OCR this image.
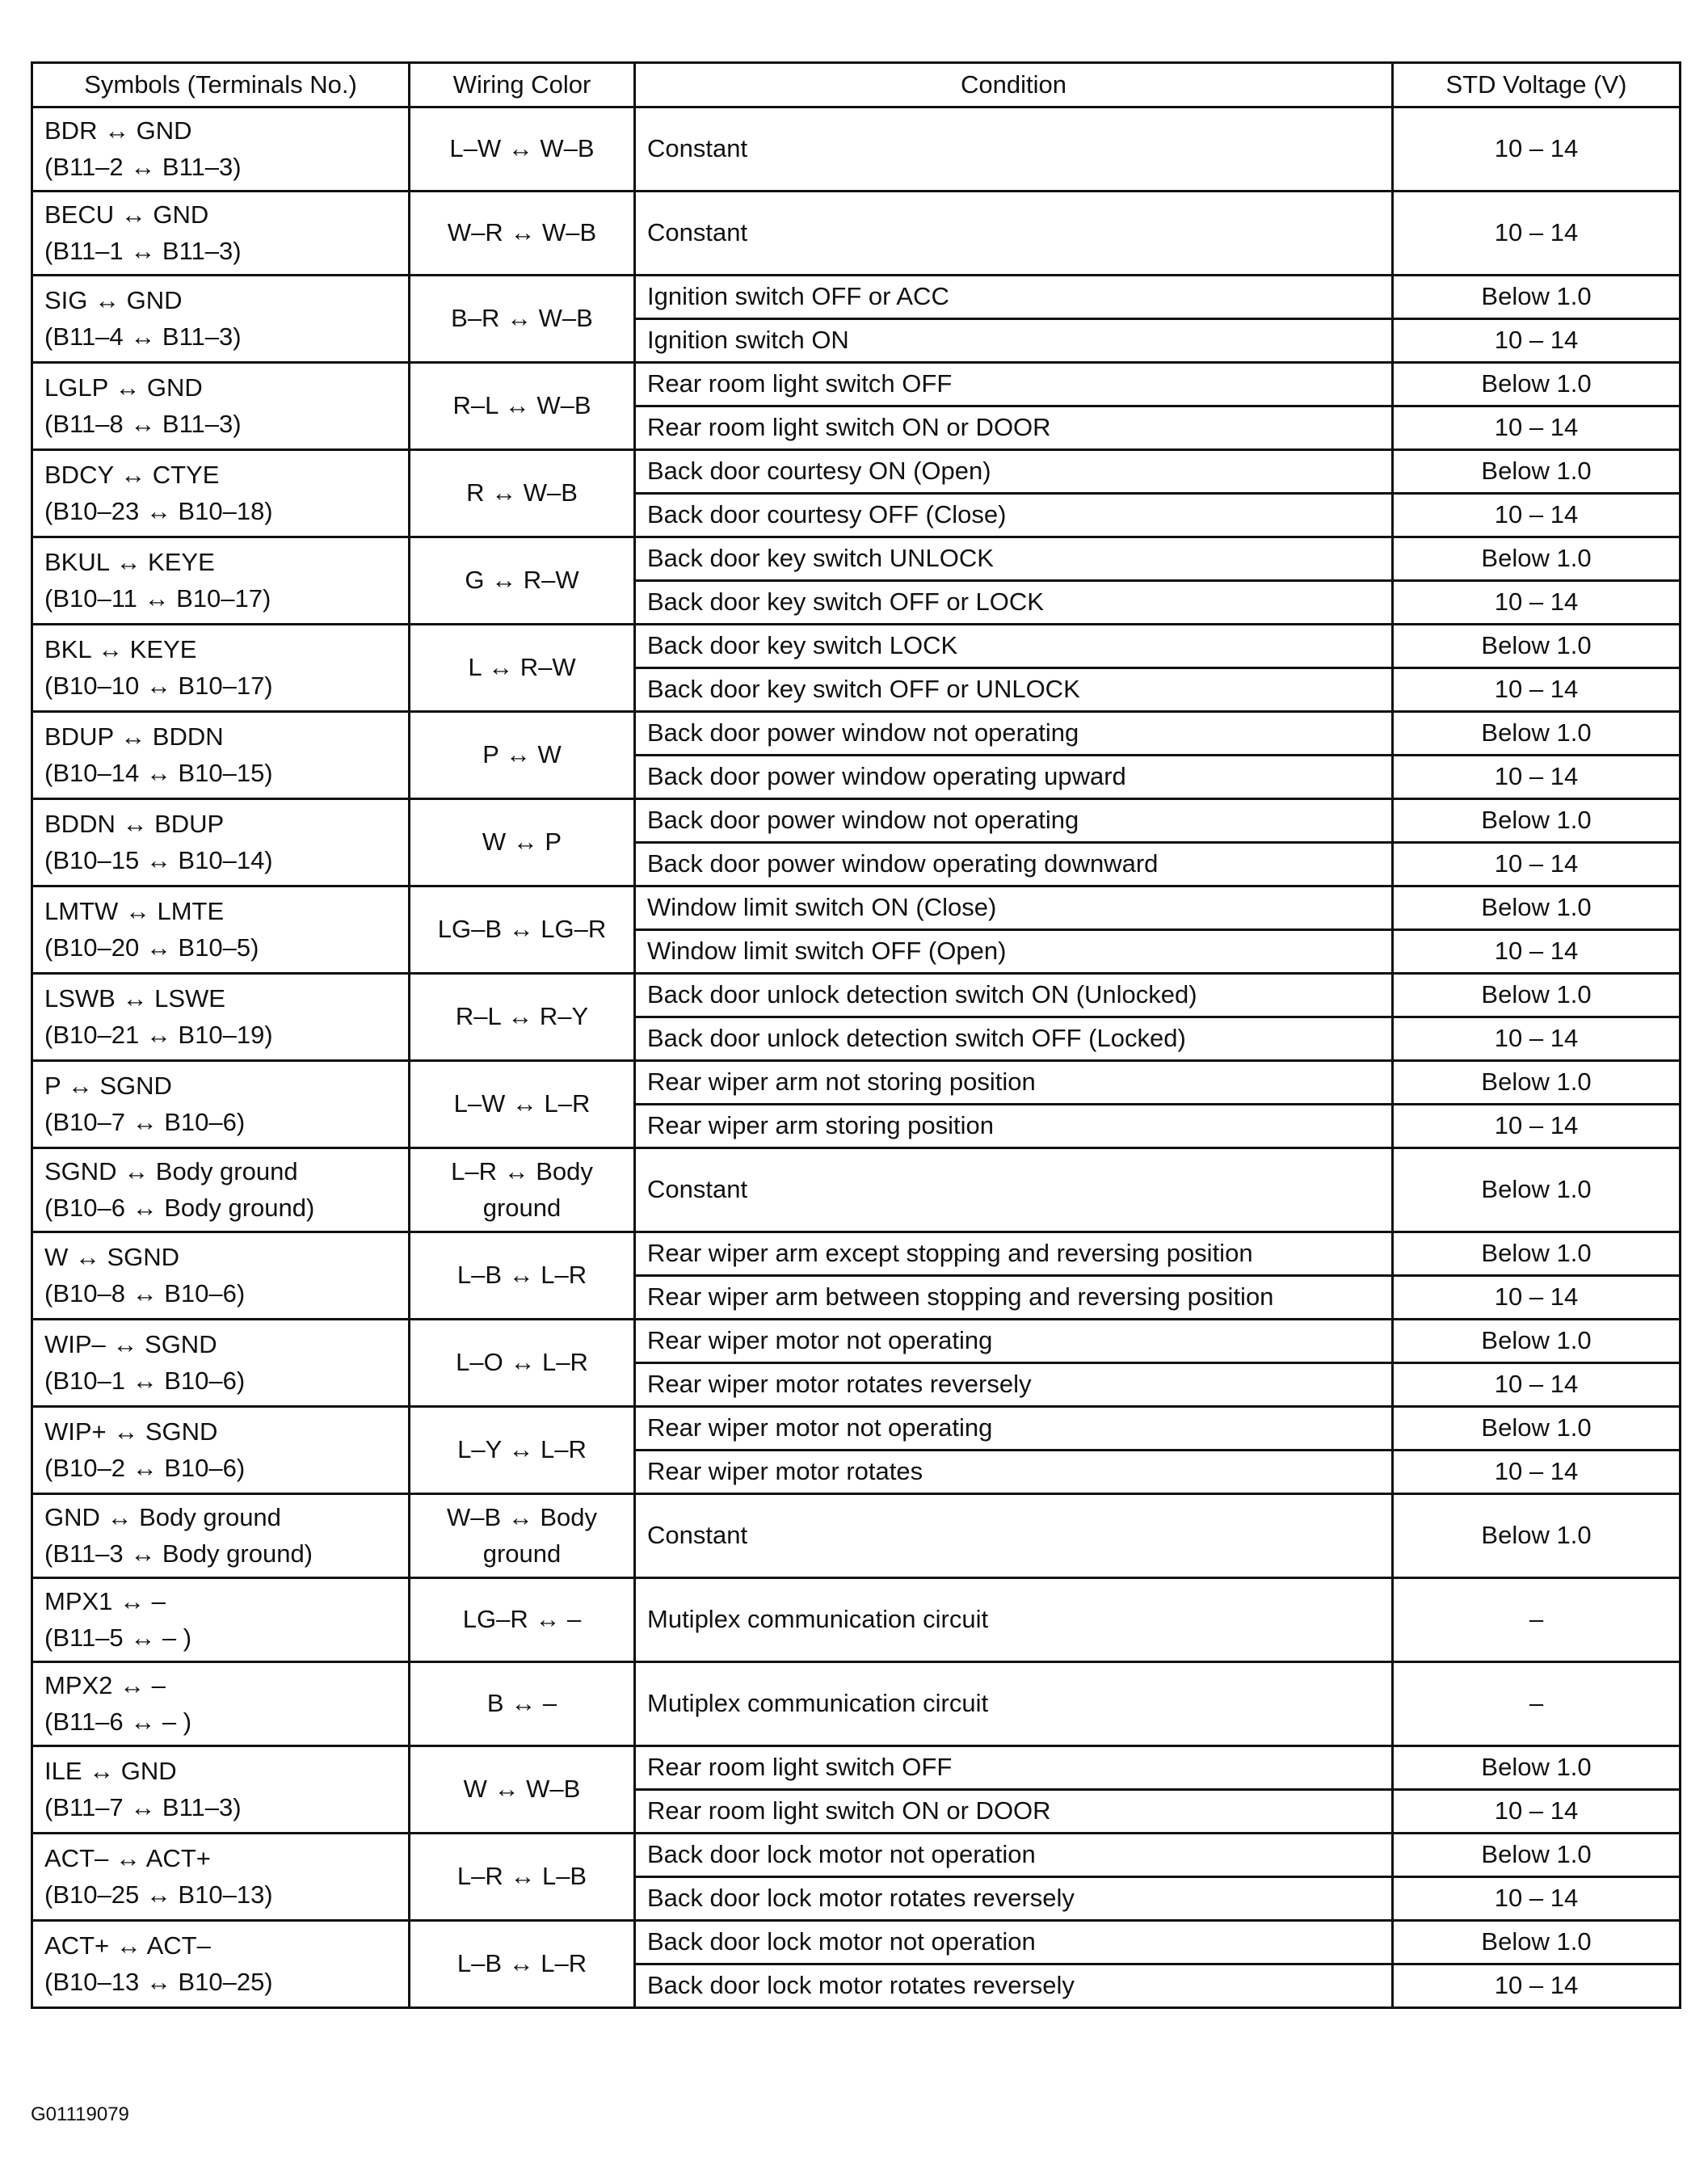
Symbols (Terminals No.)	Wiring Color	Condition	STD Voltage (V)

BDR ↔ GND
(B11–2 ↔ B11–3)	L–W ↔ W–B	Constant	10 – 14

BECU ↔ GND
(B11–1 ↔ B11–3)	W–R ↔ W–B	Constant	10 – 14

SIG ↔ GND
(B11–4 ↔ B11–3)	B–R ↔ W–B	Ignition switch OFF or ACC	Below 1.0
		Ignition switch ON	10 – 14

LGLP ↔ GND
(B11–8 ↔ B11–3)	R–L ↔ W–B	Rear room light switch OFF	Below 1.0
		Rear room light switch ON or DOOR	10 – 14

BDCY ↔ CTYE
(B10–23 ↔ B10–18)	R ↔ W–B	Back door courtesy ON (Open)	Below 1.0
		Back door courtesy OFF (Close)	10 – 14

BKUL ↔ KEYE
(B10–11 ↔ B10–17)	G ↔ R–W	Back door key switch UNLOCK	Below 1.0
		Back door key switch OFF or LOCK	10 – 14

BKL ↔ KEYE
(B10–10 ↔ B10–17)	L ↔ R–W	Back door key switch LOCK	Below 1.0
		Back door key switch OFF or UNLOCK	10 – 14

BDUP ↔ BDDN
(B10–14 ↔ B10–15)	P ↔ W	Back door power window not operating	Below 1.0
		Back door power window operating upward	10 – 14

BDDN ↔ BDUP
(B10–15 ↔ B10–14)	W ↔ P	Back door power window not operating	Below 1.0
		Back door power window operating downward	10 – 14

LMTW ↔ LMTE
(B10–20 ↔ B10–5)	LG–B ↔ LG–R	Window limit switch ON (Close)	Below 1.0
		Window limit switch OFF (Open)	10 – 14

LSWB ↔ LSWE
(B10–21 ↔ B10–19)	R–L ↔ R–Y	Back door unlock detection switch ON (Unlocked)	Below 1.0
		Back door unlock detection switch OFF (Locked)	10 – 14

P ↔ SGND
(B10–7 ↔ B10–6)	L–W ↔ L–R	Rear wiper arm not storing position	Below 1.0
		Rear wiper arm storing position	10 – 14

SGND ↔ Body ground
(B10–6 ↔ Body ground)	L–R ↔ Body
ground	Constant	Below 1.0

W ↔ SGND
(B10–8 ↔ B10–6)	L–B ↔ L–R	Rear wiper arm except stopping and reversing position	Below 1.0
		Rear wiper arm between stopping and reversing position	10 – 14

WIP– ↔ SGND
(B10–1 ↔ B10–6)	L–O ↔ L–R	Rear wiper motor not operating	Below 1.0
		Rear wiper motor rotates reversely	10 – 14

WIP+ ↔ SGND
(B10–2 ↔ B10–6)	L–Y ↔ L–R	Rear wiper motor not operating	Below 1.0
		Rear wiper motor rotates	10 – 14

GND ↔ Body ground
(B11–3 ↔ Body ground)	W–B ↔ Body
ground	Constant	Below 1.0

MPX1 ↔ –
(B11–5 ↔ – )	LG–R ↔ –	Mutiplex communication circuit	–

MPX2 ↔ –
(B11–6 ↔ – )	B ↔ –	Mutiplex communication circuit	–

ILE ↔ GND
(B11–7 ↔ B11–3)	W ↔ W–B	Rear room light switch OFF	Below 1.0
		Rear room light switch ON or DOOR	10 – 14

ACT– ↔ ACT+
(B10–25 ↔ B10–13)	L–R ↔ L–B	Back door lock motor not operation	Below 1.0
		Back door lock motor rotates reversely	10 – 14

ACT+ ↔ ACT–
(B10–13 ↔ B10–25)	L–B ↔ L–R	Back door lock motor not operation	Below 1.0
		Back door lock motor rotates reversely	10 – 14
G01119079
